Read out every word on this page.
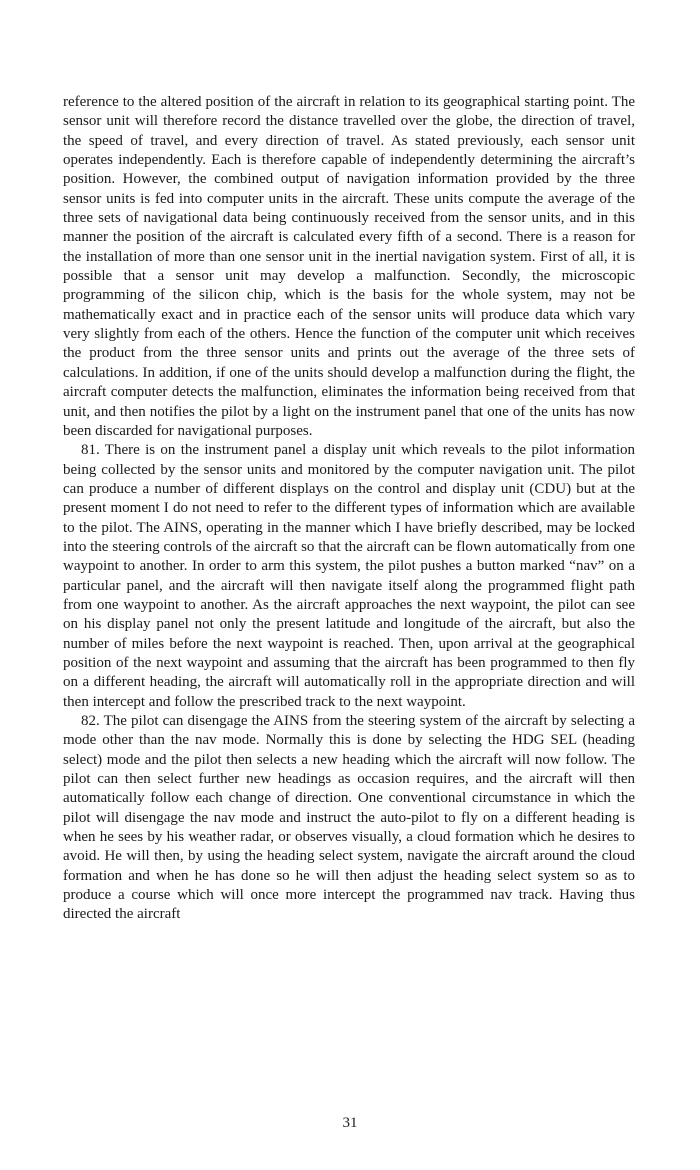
reference to the altered position of the aircraft in relation to its geographical starting point. The sensor unit will therefore record the distance travelled over the globe, the direction of travel, the speed of travel, and every direction of travel. As stated previously, each sensor unit operates independently. Each is therefore capable of independently determining the aircraft’s position. However, the combined output of navigation information provided by the three sensor units is fed into computer units in the aircraft. These units compute the average of the three sets of navigational data being continuously received from the sensor units, and in this manner the position of the aircraft is calculated every fifth of a second. There is a reason for the installation of more than one sensor unit in the inertial navigation system. First of all, it is possible that a sensor unit may develop a malfunction. Secondly, the microscopic programming of the silicon chip, which is the basis for the whole system, may not be mathematically exact and in practice each of the sensor units will produce data which vary very slightly from each of the others. Hence the function of the computer unit which receives the product from the three sensor units and prints out the average of the three sets of calculations. In addition, if one of the units should develop a malfunction during the flight, the aircraft computer detects the malfunction, eliminates the information being received from that unit, and then notifies the pilot by a light on the instrument panel that one of the units has now been discarded for navigational purposes.

81. There is on the instrument panel a display unit which reveals to the pilot information being collected by the sensor units and monitored by the computer navigation unit. The pilot can produce a number of different displays on the control and display unit (CDU) but at the present moment I do not need to refer to the different types of information which are available to the pilot. The AINS, operating in the manner which I have briefly described, may be locked into the steering controls of the aircraft so that the aircraft can be flown automatically from one waypoint to another. In order to arm this system, the pilot pushes a button marked “nav” on a particular panel, and the aircraft will then navigate itself along the programmed flight path from one waypoint to another. As the aircraft approaches the next waypoint, the pilot can see on his display panel not only the present latitude and longitude of the aircraft, but also the number of miles before the next waypoint is reached. Then, upon arrival at the geographical position of the next waypoint and assuming that the aircraft has been programmed to then fly on a different heading, the aircraft will automatically roll in the appropriate direction and will then intercept and follow the prescribed track to the next waypoint.

82. The pilot can disengage the AINS from the steering system of the aircraft by selecting a mode other than the nav mode. Normally this is done by selecting the HDG SEL (heading select) mode and the pilot then selects a new heading which the aircraft will now follow. The pilot can then select further new headings as occasion requires, and the aircraft will then automatically follow each change of direction. One conventional circumstance in which the pilot will disengage the nav mode and instruct the auto-pilot to fly on a different heading is when he sees by his weather radar, or observes visually, a cloud formation which he desires to avoid. He will then, by using the heading select system, navigate the aircraft around the cloud formation and when he has done so he will then adjust the heading select system so as to produce a course which will once more intercept the programmed nav track. Having thus directed the aircraft

31
